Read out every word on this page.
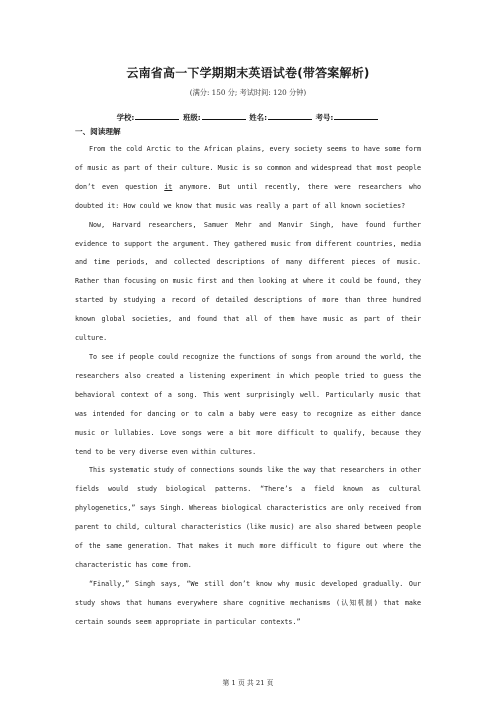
云南省高一下学期期末英语试卷(带答案解析)
(满分: 150 分; 考试时间: 120 分钟)
学校:	班级:	姓名:	考号:
一、阅读理解

From the cold Arctic to the African plains, every society seems to have some form of music as part of their culture. Music is so common and widespread that most people don’t even question it anymore. But until recently, there were researchers who doubted it: How could we know that music was really a part of all known societies?

Now, Harvard researchers, Samuer Mehr and Manvir Singh, have found further evidence to support the argument. They gathered music from different countries, media and time periods, and collected descriptions of many different pieces of music. Rather than focusing on music first and then looking at where it could be found, they started by studying a record of detailed descriptions of more than three hundred known global societies, and found that all of them have music as part of their culture.

To see if people could recognize the functions of songs from around the world, the researchers also created a listening experiment in which people tried to guess the behavioral context of a song. This went surprisingly well. Particularly music that was intended for dancing or to calm a baby were easy to recognize as either dance music or lullabies. Love songs were a bit more difficult to qualify, because they tend to be very diverse even within cultures.

This systematic study of connections sounds like the way that researchers in other fields would study biological patterns. “There’s a field known as cultural phylogenetics,” says Singh. Whereas biological characteristics are only received from parent to child, cultural characteristics (like music) are also shared between people of the same generation. That makes it much more difficult to figure out where the characteristic has come from.

“Finally,” Singh says, “We still don’t know why music developed gradually. Our study shows that humans everywhere share cognitive mechanisms (认知机制) that make certain sounds seem appropriate in particular contexts.”

第 1 页 共 21 页
